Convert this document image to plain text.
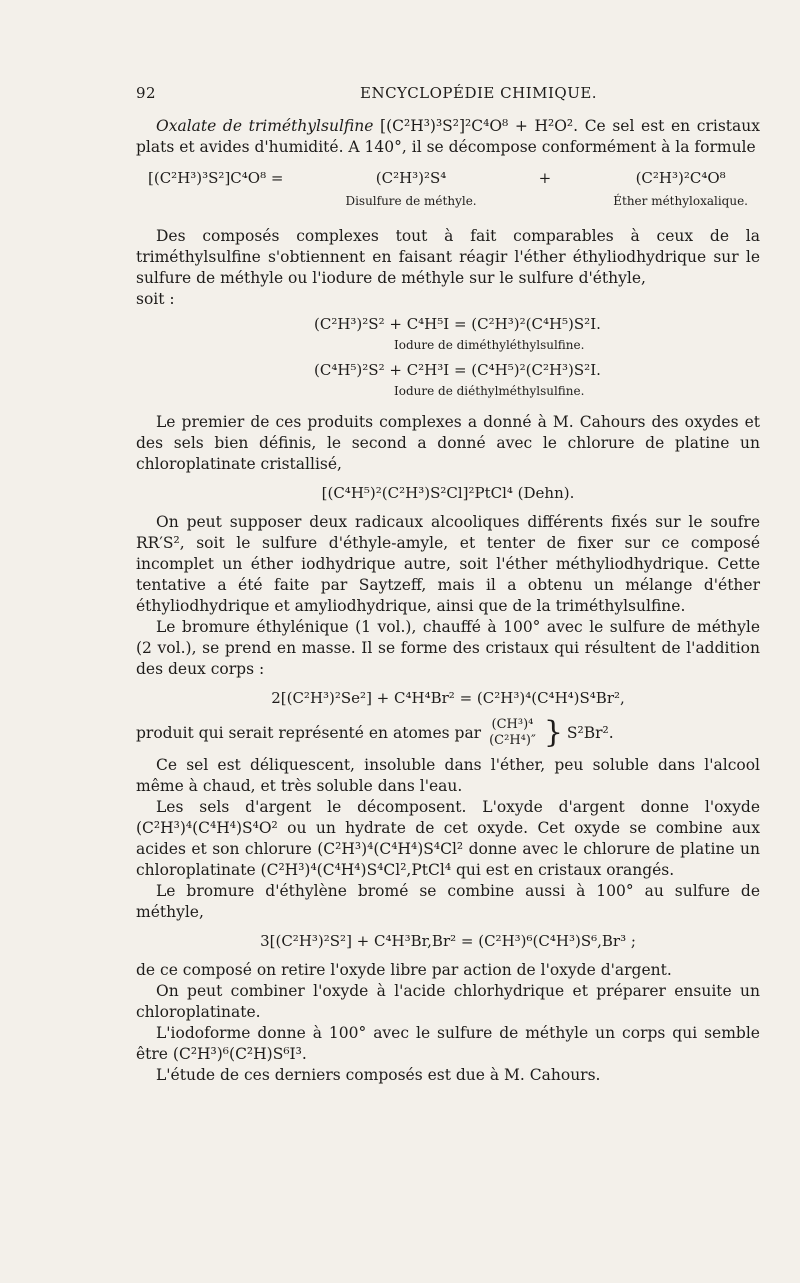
92	ENCYCLOPÉDIE CHIMIQUE.

Oxalate de triméthylsulfine [(C²H³)³S²]²C⁴O⁸ + H²O². Ce sel est en cristaux plats et avides d'humidité. A 140°, il se décompose conformément à la formule

[(C²H³)³S²]C⁴O⁸ =	(C²H³)²S⁴
Disulfure de méthyle.
+	(C²H³)²C⁴O⁸
Éther méthyloxalique.

Des composés complexes tout à fait comparables à ceux de la triméthylsulfine s'obtiennent en faisant réagir l'éther éthyliodhydrique sur le sulfure de méthyle ou l'iodure de méthyle sur le sulfure d'éthyle,

soit :

(C²H³)²S² + C⁴H⁵I = (C²H³)²(C⁴H⁵)S²I.
Iodure de diméthyléthylsulfine.
(C⁴H⁵)²S² + C²H³I = (C⁴H⁵)²(C²H³)S²I.
Iodure de diéthylméthylsulfine.

Le premier de ces produits complexes a donné à M. Cahours des oxydes et des sels bien définis, le second a donné avec le chlorure de platine un chloroplatinate cristallisé,

[(C⁴H⁵)²(C²H³)S²Cl]²PtCl⁴ (Dehn).

On peut supposer deux radicaux alcooliques différents fixés sur le soufre RR′S², soit le sulfure d'éthyle-amyle, et tenter de fixer sur ce composé incomplet un éther iodhydrique autre, soit l'éther méthyliodhydrique. Cette tentative a été faite par Saytzeff, mais il a obtenu un mélange d'éther éthyliodhydrique et amyliodhydrique, ainsi que de la triméthylsulfine.

Le bromure éthylénique (1 vol.), chauffé à 100° avec le sulfure de méthyle (2 vol.), se prend en masse. Il se forme des cristaux qui résultent de l'addition des deux corps :

2[(C²H³)²Se²] + C⁴H⁴Br² = (C²H³)⁴(C⁴H⁴)S⁴Br²,
produit qui serait représenté en atomes par (CH³)⁴
(C²H⁴)″ } S²Br².

Ce sel est déliquescent, insoluble dans l'éther, peu soluble dans l'alcool même à chaud, et très soluble dans l'eau.

Les sels d'argent le décomposent. L'oxyde d'argent donne l'oxyde (C²H³)⁴(C⁴H⁴)S⁴O² ou un hydrate de cet oxyde. Cet oxyde se combine aux acides et son chlorure (C²H³)⁴(C⁴H⁴)S⁴Cl² donne avec le chlorure de platine un chloroplatinate (C²H³)⁴(C⁴H⁴)S⁴Cl²,PtCl⁴ qui est en cristaux orangés.

Le bromure d'éthylène bromé se combine aussi à 100° au sulfure de méthyle,

3[(C²H³)²S²] + C⁴H³Br,Br² = (C²H³)⁶(C⁴H³)S⁶,Br³ ;

de ce composé on retire l'oxyde libre par action de l'oxyde d'argent.

On peut combiner l'oxyde à l'acide chlorhydrique et préparer ensuite un chloroplatinate.

L'iodoforme donne à 100° avec le sulfure de méthyle un corps qui semble être (C²H³)⁶(C²H)S⁶I³.

L'étude de ces derniers composés est due à M. Cahours.
